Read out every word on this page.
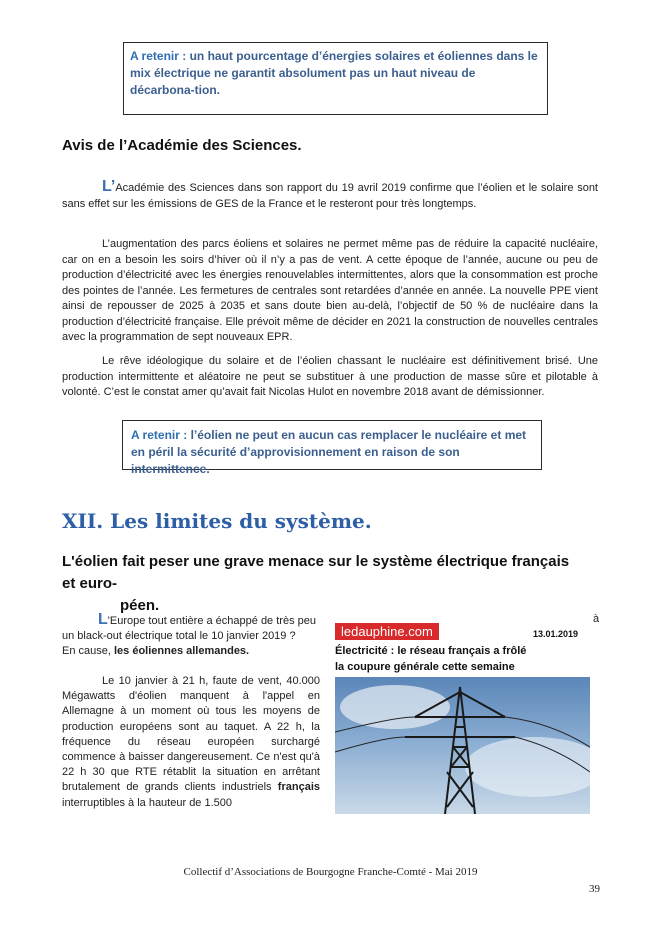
A retenir : un haut pourcentage d’énergies solaires et éoliennes dans le mix électrique ne garantit absolument pas un haut niveau de décarbona-tion.
Avis de l’Académie des Sciences.
L’Académie des Sciences dans son rapport du 19 avril 2019 confirme que l’éolien et le solaire sont sans effet sur les émissions de GES de la France et le resteront pour très longtemps.
L’augmentation des parcs éoliens et solaires ne permet même pas de réduire la capacité nucléaire, car on en a besoin les soirs d’hiver où il n’y a pas de vent. A cette époque de l’année, aucune ou peu de production d’électricité avec les énergies renouvelables intermittentes, alors que la consommation est proche des pointes de l’année. Les fermetures de centrales sont retardées d’année en année. La nouvelle PPE vient ainsi de repousser de 2025 à 2035 et sans doute bien au-delà, l’objectif de 50 % de nucléaire dans la production d’électricité française. Elle prévoit même de décider en 2021 la construction de nouvelles centrales avec la programmation de sept nouveaux EPR.
Le rêve idéologique du solaire et de l’éolien chassant le nucléaire est définitivement brisé. Une production intermittente et aléatoire ne peut se substituer à une production de masse sûre et pilotable à volonté. C’est le constat amer qu’avait fait Nicolas Hulot en novembre 2018 avant de démissionner.
A retenir : l’éolien ne peut en aucun cas remplacer le nucléaire et met en péril la sécurité d’approvisionnement en raison de son intermittence.
XII. Les limites du système.
L'éolien fait peser une grave menace sur le système électrique français et euro-
péen.
L'Europe tout entière a échappé de très peu	à

un black-out électrique total le 10 janvier 2019 ?
En cause, les éoliennes allemandes.
Le 10 janvier à 21 h, faute de vent, 40.000 Mégawatts d'éolien manquent à l'appel en Allemagne à un moment où tous les moyens de production européens sont au taquet. A 22 h, la fréquence du réseau européen surchargé commence à baisser dangereusement. Ce n'est qu'à 22 h 30 que RTE rétablit la situation en arrêtant brutalement de grands clients industriels français interruptibles à la hauteur de 1.500
ledauphine.com	13.01.2019
Électricité : le réseau français a frôlé
la coupure générale cette semaine
Collectif d’Associations de Bourgogne Franche-Comté - Mai 2019
39
